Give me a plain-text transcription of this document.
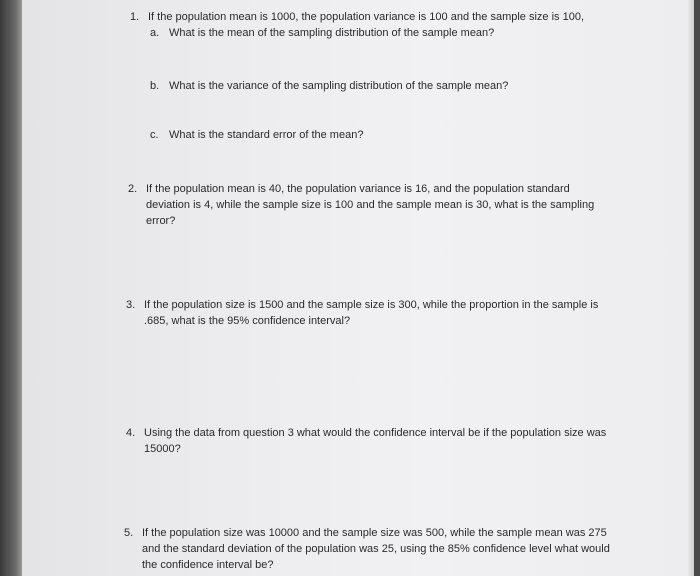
1. If the population mean is 1000, the population variance is 100 and the sample size is 100,
a. What is the mean of the sampling distribution of the sample mean?
b. What is the variance of the sampling distribution of the sample mean?
c. What is the standard error of the mean?
2. If the population mean is 40, the population variance is 16, and the population standard deviation is 4, while the sample size is 100 and the sample mean is 30, what is the sampling error?
3. If the population size is 1500 and the sample size is 300, while the proportion in the sample is .685, what is the 95% confidence interval?
4. Using the data from question 3 what would the confidence interval be if the population size was 15000?
5. If the population size was 10000 and the sample size was 500, while the sample mean was 275 and the standard deviation of the population was 25, using the 85% confidence level what would the confidence interval be?
